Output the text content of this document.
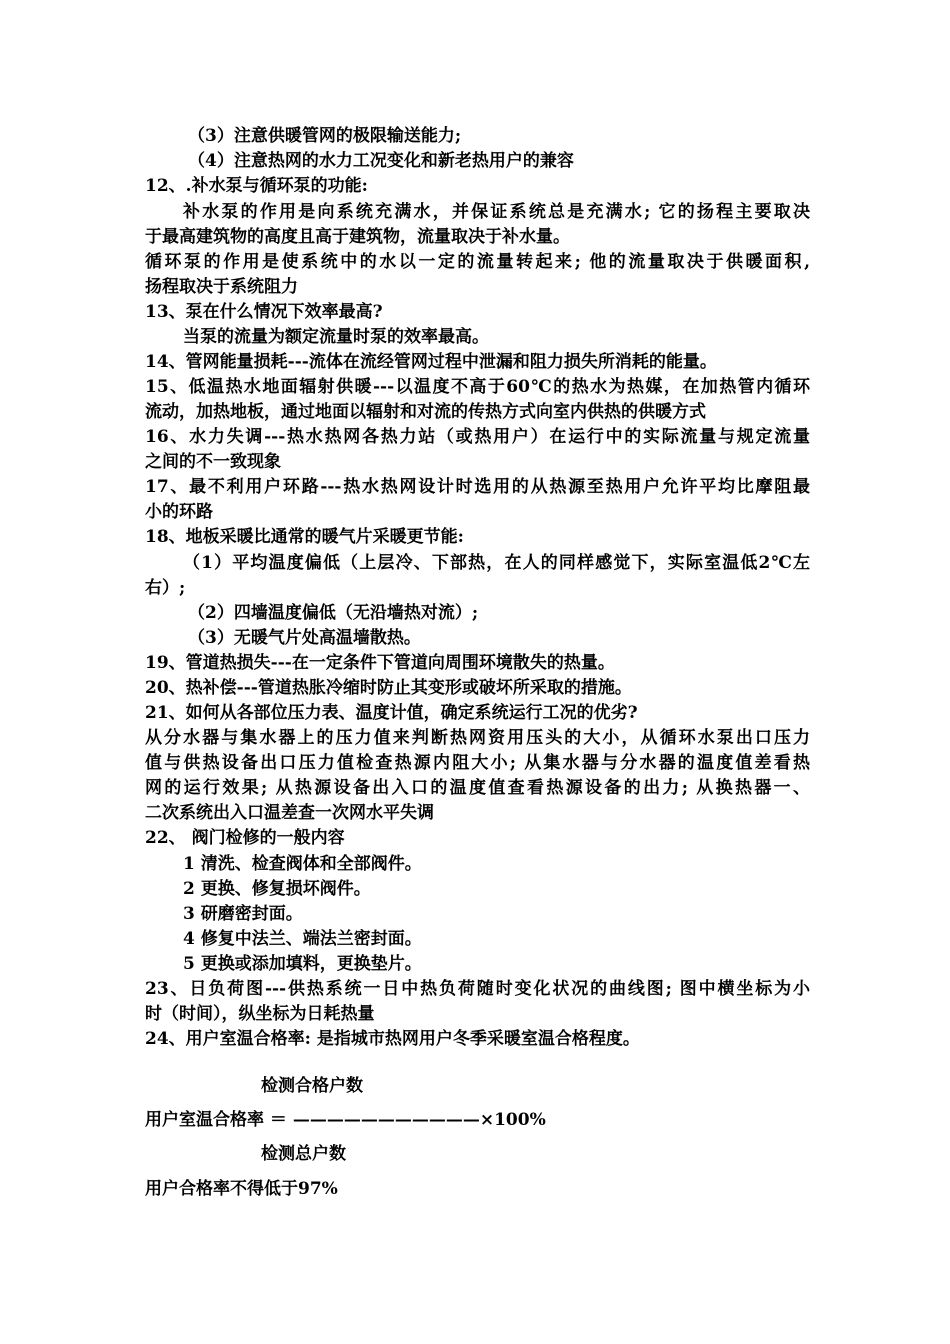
（3）注意供暖管网的极限输送能力;
（4）注意热网的水力工况变化和新老热用户的兼容
12、.补水泵与循环泵的功能:
补水泵的作用是向系统充满水，并保证系统总是充满水; 它的扬程主要取决
于最高建筑物的高度且高于建筑物，流量取决于补水量。
循环泵的作用是使系统中的水以一定的流量转起来; 他的流量取决于供暖面积,
扬程取决于系统阻力
13、泵在什么情况下效率最高?
当泵的流量为额定流量时泵的效率最高。
14、管网能量损耗---流体在流经管网过程中泄漏和阻力损失所消耗的能量。
15、低温热水地面辐射供暖---以温度不高于60℃的热水为热媒，在加热管内循环
流动，加热地板，通过地面以辐射和对流的传热方式向室内供热的供暖方式
16、水力失调---热水热网各热力站（或热用户）在运行中的实际流量与规定流量
之间的不一致现象
17、最不利用户环路---热水热网设计时选用的从热源至热用户允许平均比摩阻最
小的环路
18、地板采暖比通常的暖气片采暖更节能:
（1）平均温度偏低（上层冷、下部热，在人的同样感觉下，实际室温低2℃左
右）;
（2）四墙温度偏低（无沿墙热对流）;
（3）无暖气片处高温墙散热。
19、管道热损失---在一定条件下管道向周围环境散失的热量。
20、热补偿---管道热胀冷缩时防止其变形或破坏所采取的措施。
21、如何从各部位压力表、温度计值，确定系统运行工况的优劣?
从分水器与集水器上的压力值来判断热网资用压头的大小，从循环水泵出口压力
值与供热设备出口压力值检查热源内阻大小; 从集水器与分水器的温度值差看热
网的运行效果; 从热源设备出入口的温度值查看热源设备的出力; 从换热器一、
二次系统出入口温差查一次网水平失调
22、 阀门检修的一般内容
1 清洗、检查阀体和全部阀件。
2 更换、修复损坏阀件。
3 研磨密封面。
4 修复中法兰、端法兰密封面。
5 更换或添加填料，更换垫片。
23、日负荷图---供热系统一日中热负荷随时变化状况的曲线图; 图中横坐标为小
时（时间），纵坐标为日耗热量
24、用户室温合格率: 是指城市热网用户冬季采暖室温合格程度。
检测合格户数
用户室温合格率 ＝ ———————————×100%
检测总户数
用户合格率不得低于97%
